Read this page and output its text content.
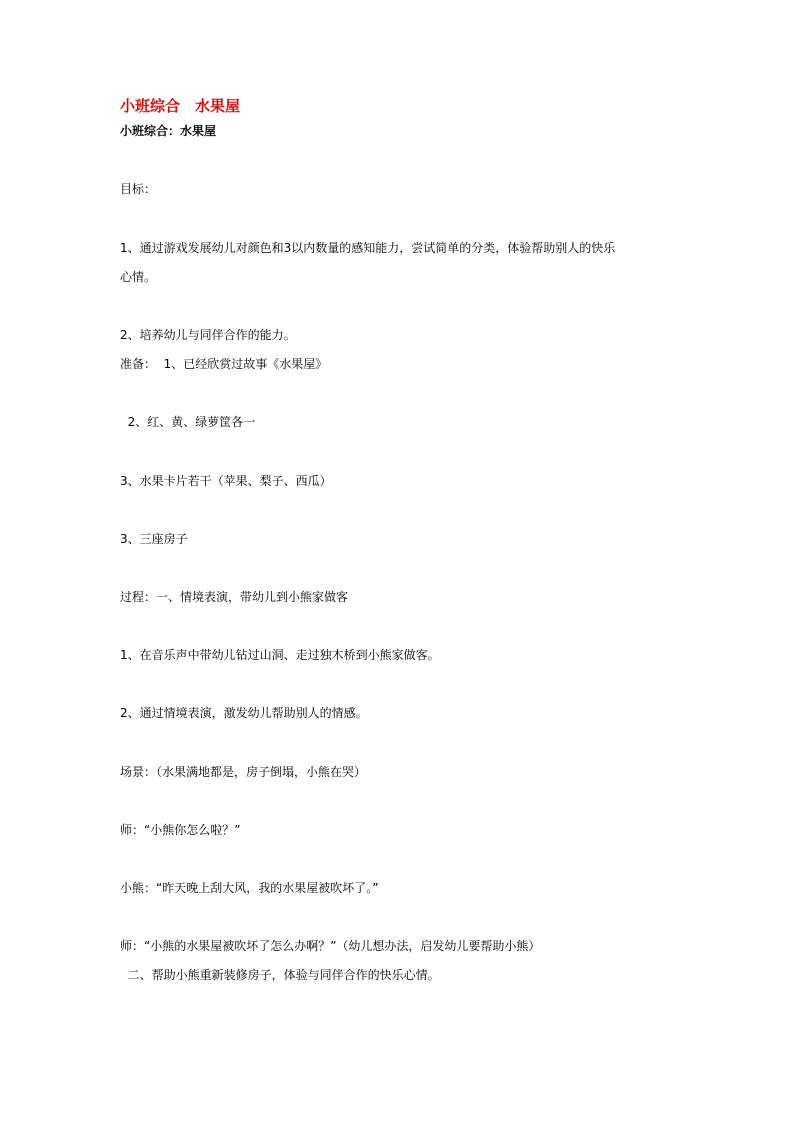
小班综合　水果屋
小班综合：水果屋
目标：
1、通过游戏发展幼儿对颜色和3以内数量的感知能力，尝试简单的分类，体验帮助别人的快乐
心情。
2、培养幼儿与同伴合作的能力。
准备：  1、已经欣赏过故事《水果屋》
2、红、黄、绿萝筐各一
3、水果卡片若干（苹果、梨子、西瓜）
3、三座房子
过程：一、情境表演，带幼儿到小熊家做客
1、在音乐声中带幼儿钻过山洞、走过独木桥到小熊家做客。
2、通过情境表演，激发幼儿帮助别人的情感。
场景：（水果满地都是，房子倒塌，小熊在哭）
师：“小熊你怎么啦？”
小熊：“昨天晚上刮大风，我的水果屋被吹坏了。”
师：“小熊的水果屋被吹坏了怎么办啊？”（幼儿想办法，启发幼儿要帮助小熊）
二、帮助小熊重新装修房子，体验与同伴合作的快乐心情。
